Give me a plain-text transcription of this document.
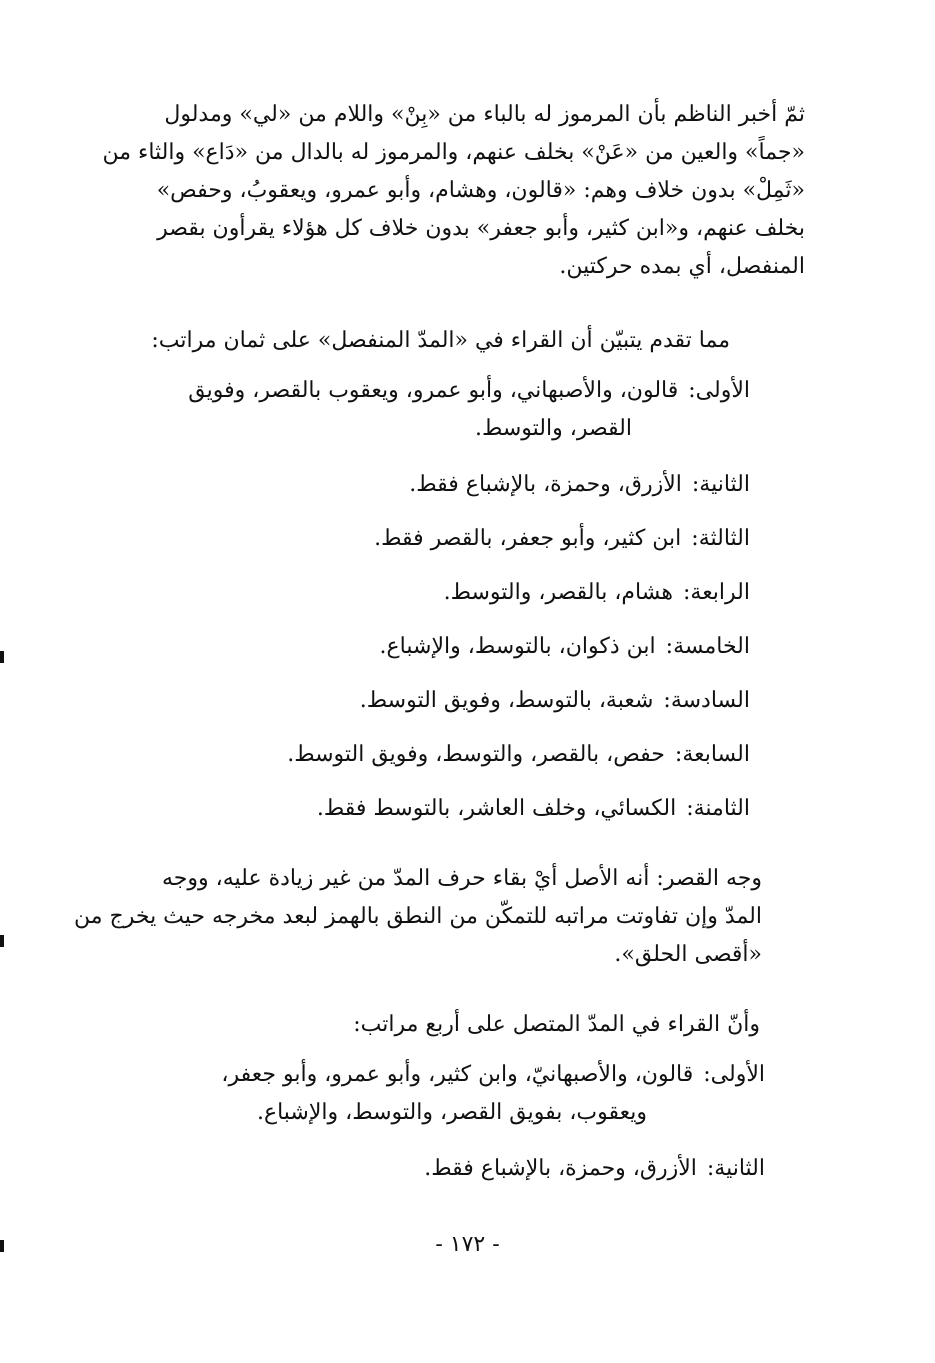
ثمّ أخبر الناظم بأن المرموز له بالباء من «بِنْ» واللام من «لي» ومدلول
«جماً» والعين من «عَنْ» بخلف عنهم، والمرموز له بالدال من «دَاع» والثاء من
«ثَمِلْ» بدون خلاف وهم: «قالون، وهشام، وأبو عمرو، ويعقوبُ، وحفص»
بخلف عنهم، و«ابن كثير، وأبو جعفر» بدون خلاف كل هؤلاء يقرأون بقصر
المنفصل، أي بمده حركتين.
مما تقدم يتبيّن أن القراء في «المدّ المنفصل» على ثمان مراتب:
الأولى:قالون، والأصبهاني، وأبو عمرو، ويعقوب بالقصر، وفويق
القصر، والتوسط.
الثانية:الأزرق، وحمزة، بالإشباع فقط.
الثالثة:ابن كثير، وأبو جعفر، بالقصر فقط.
الرابعة:هشام، بالقصر، والتوسط.
الخامسة:ابن ذكوان، بالتوسط، والإشباع.
السادسة:شعبة، بالتوسط، وفويق التوسط.
السابعة:حفص، بالقصر، والتوسط، وفويق التوسط.
الثامنة:الكسائي، وخلف العاشر، بالتوسط فقط.
وجه القصر: أنه الأصل أيْ بقاء حرف المدّ من غير زيادة عليه، ووجه
المدّ وإن تفاوتت مراتبه للتمكّن من النطق بالهمز لبعد مخرجه حيث يخرج من
«أقصى الحلق».
وأنّ القراء في المدّ المتصل على أربع مراتب:
الأولى:قالون، والأصبهانيّ، وابن كثير، وأبو عمرو، وأبو جعفر،
ويعقوب، بفويق القصر، والتوسط، والإشباع.
الثانية:الأزرق، وحمزة، بالإشباع فقط.
- ١٧٢ -
